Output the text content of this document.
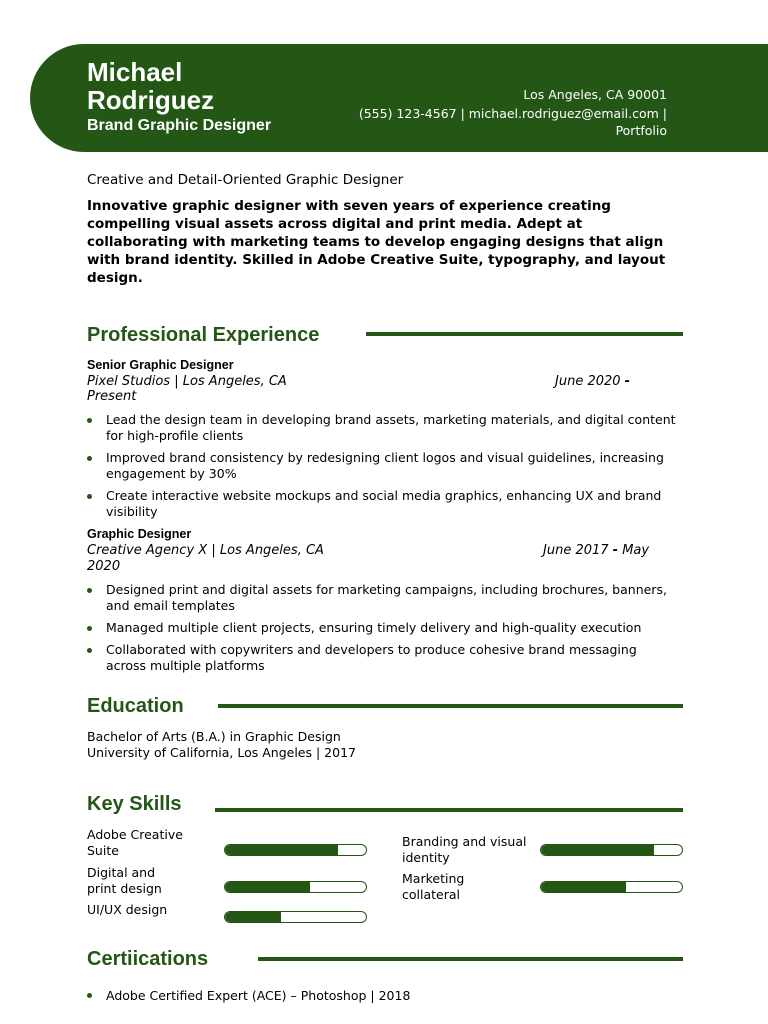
Michael
Rodriguez
Brand Graphic Designer
Los Angeles, CA 90001
(555) 123-4567 | michael.rodriguez@email.com |
Portfolio
Creative and Detail-Oriented Graphic Designer
Innovative graphic designer with seven years of experience creating compelling visual assets across digital and print media. Adept at collaborating with marketing teams to develop engaging designs that align with brand identity. Skilled in Adobe Creative Suite, typography, and layout design.
Professional Experience
Senior Graphic Designer
Pixel Studios | Los Angeles, CA	June 2020 -
Present
Lead the design team in developing brand assets, marketing materials, and digital content for high-profile clients
Improved brand consistency by redesigning client logos and visual guidelines, increasing engagement by 30%
Create interactive website mockups and social media graphics, enhancing UX and brand visibility
Graphic Designer
Creative Agency X | Los Angeles, CA	June 2017 - May
2020
Designed print and digital assets for marketing campaigns, including brochures, banners, and email templates
Managed multiple client projects, ensuring timely delivery and high-quality execution
Collaborated with copywriters and developers to produce cohesive brand messaging across multiple platforms
Education
Bachelor of Arts (B.A.) in Graphic Design
University of California, Los Angeles | 2017
Key Skills
Adobe Creative Suite
Branding and visual identity
Digital and print design
Marketing collateral
UI/UX design
Certiications
Adobe Certified Expert (ACE) – Photoshop | 2018
